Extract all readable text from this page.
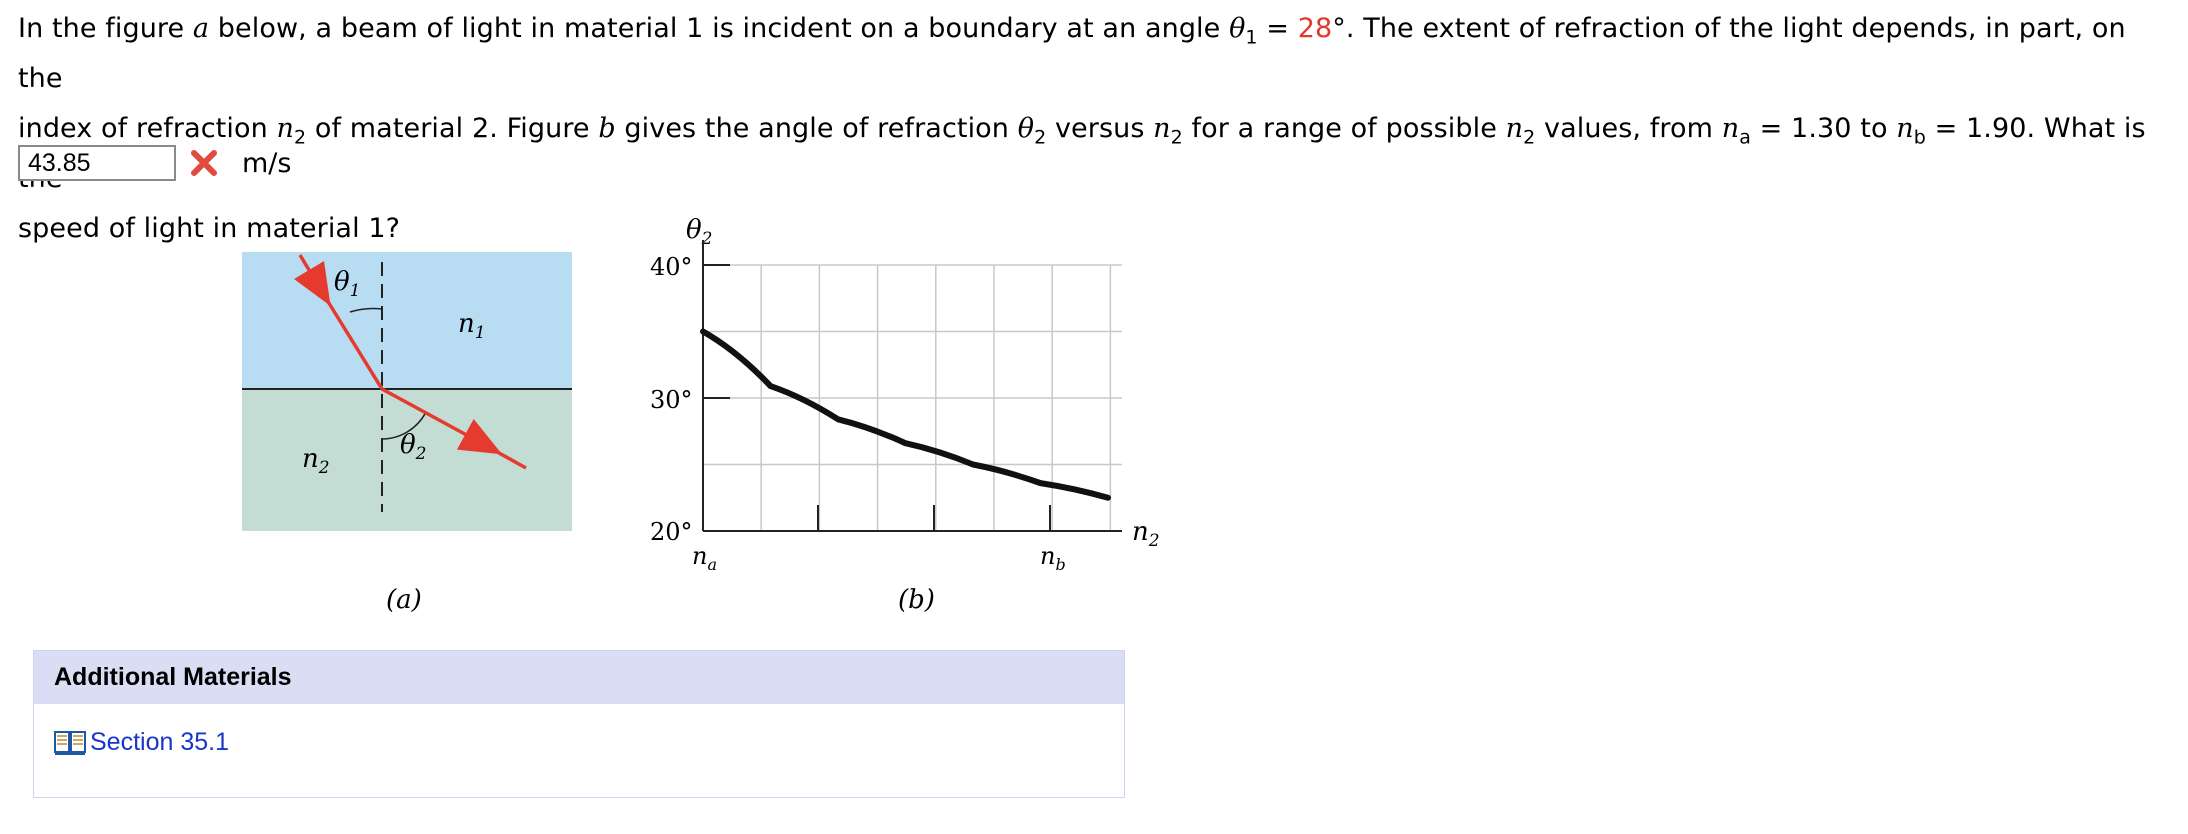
In the figure a below, a beam of light in material 1 is incident on a boundary at an angle $\theta_1 = 28^\circ$. The extent of refraction of the light depends, in part, on the
index of refraction $n_2$ of material 2. Figure b gives the angle of refraction $\theta_2$ versus $n_2$ for a range of possible $n_2$ values, from $n_a = 1.30$ to $n_b = 1.90$. What is
speed of light in material 1?
43.85
m/s
$\theta_1$
$n_1$
$\theta_2$
$n_2$
(a)
$\theta_2$
40°
30°
20°	$n_2$
$n_a$	$n_b$
(b)
Additional Materials
Section 35.1
